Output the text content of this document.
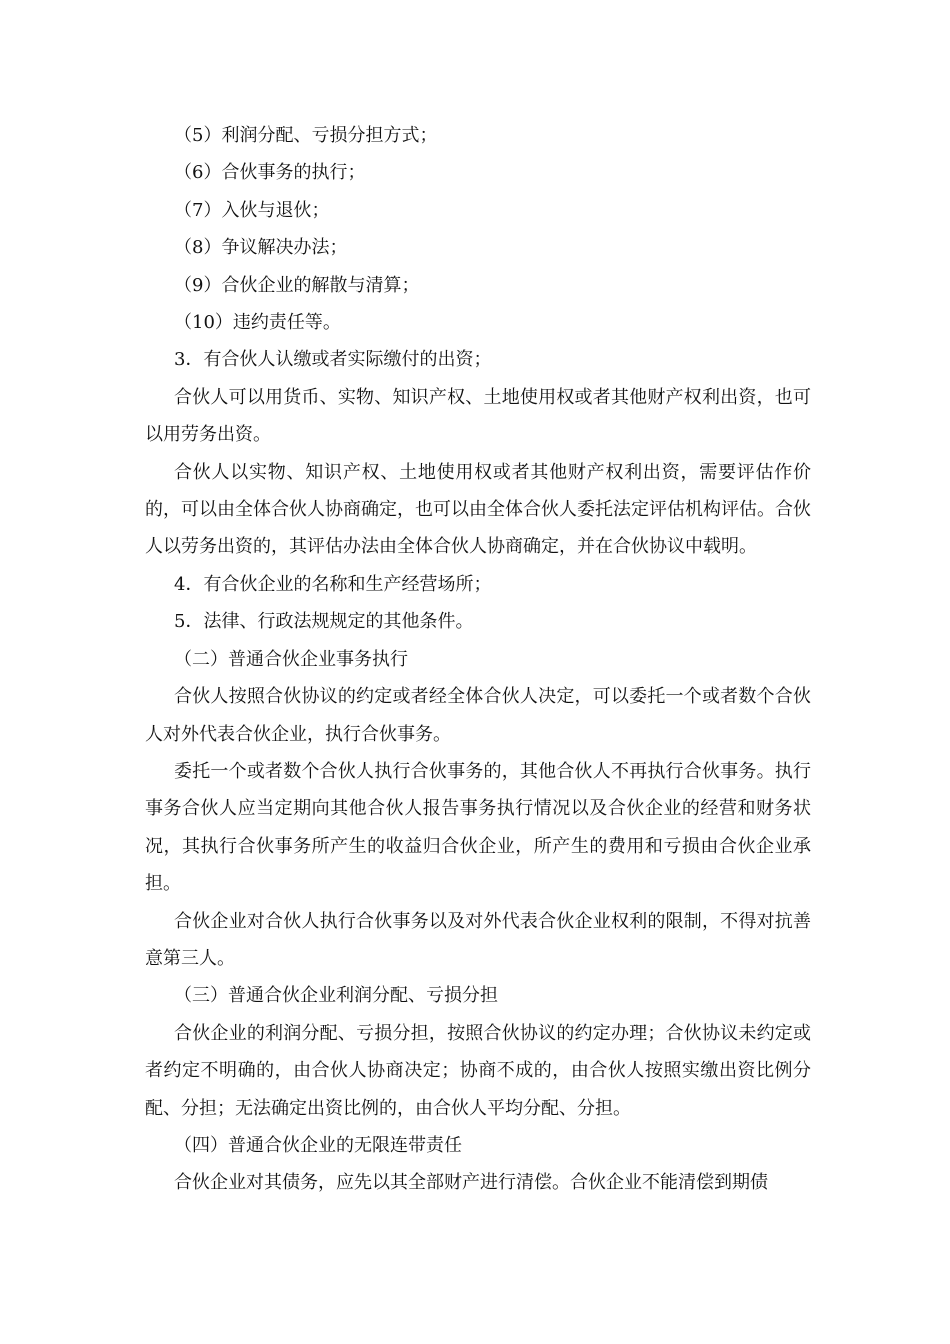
（5）利润分配、亏损分担方式；

（6）合伙事务的执行；

（7）入伙与退伙；

（8）争议解决办法；

（9）合伙企业的解散与清算；

（10）违约责任等。

3．有合伙人认缴或者实际缴付的出资；

合伙人可以用货币、实物、知识产权、土地使用权或者其他财产权利出资，也可以用劳务出资。

合伙人以实物、知识产权、土地使用权或者其他财产权利出资，需要评估作价的，可以由全体合伙人协商确定，也可以由全体合伙人委托法定评估机构评估。合伙人以劳务出资的，其评估办法由全体合伙人协商确定，并在合伙协议中载明。

4．有合伙企业的名称和生产经营场所；

5．法律、行政法规规定的其他条件。

（二）普通合伙企业事务执行

合伙人按照合伙协议的约定或者经全体合伙人决定，可以委托一个或者数个合伙人对外代表合伙企业，执行合伙事务。

委托一个或者数个合伙人执行合伙事务的，其他合伙人不再执行合伙事务。执行事务合伙人应当定期向其他合伙人报告事务执行情况以及合伙企业的经营和财务状况，其执行合伙事务所产生的收益归合伙企业，所产生的费用和亏损由合伙企业承担。

合伙企业对合伙人执行合伙事务以及对外代表合伙企业权利的限制，不得对抗善意第三人。

（三）普通合伙企业利润分配、亏损分担

合伙企业的利润分配、亏损分担，按照合伙协议的约定办理；合伙协议未约定或者约定不明确的，由合伙人协商决定；协商不成的，由合伙人按照实缴出资比例分配、分担；无法确定出资比例的，由合伙人平均分配、分担。

（四）普通合伙企业的无限连带责任

合伙企业对其债务，应先以其全部财产进行清偿。合伙企业不能清偿到期债
